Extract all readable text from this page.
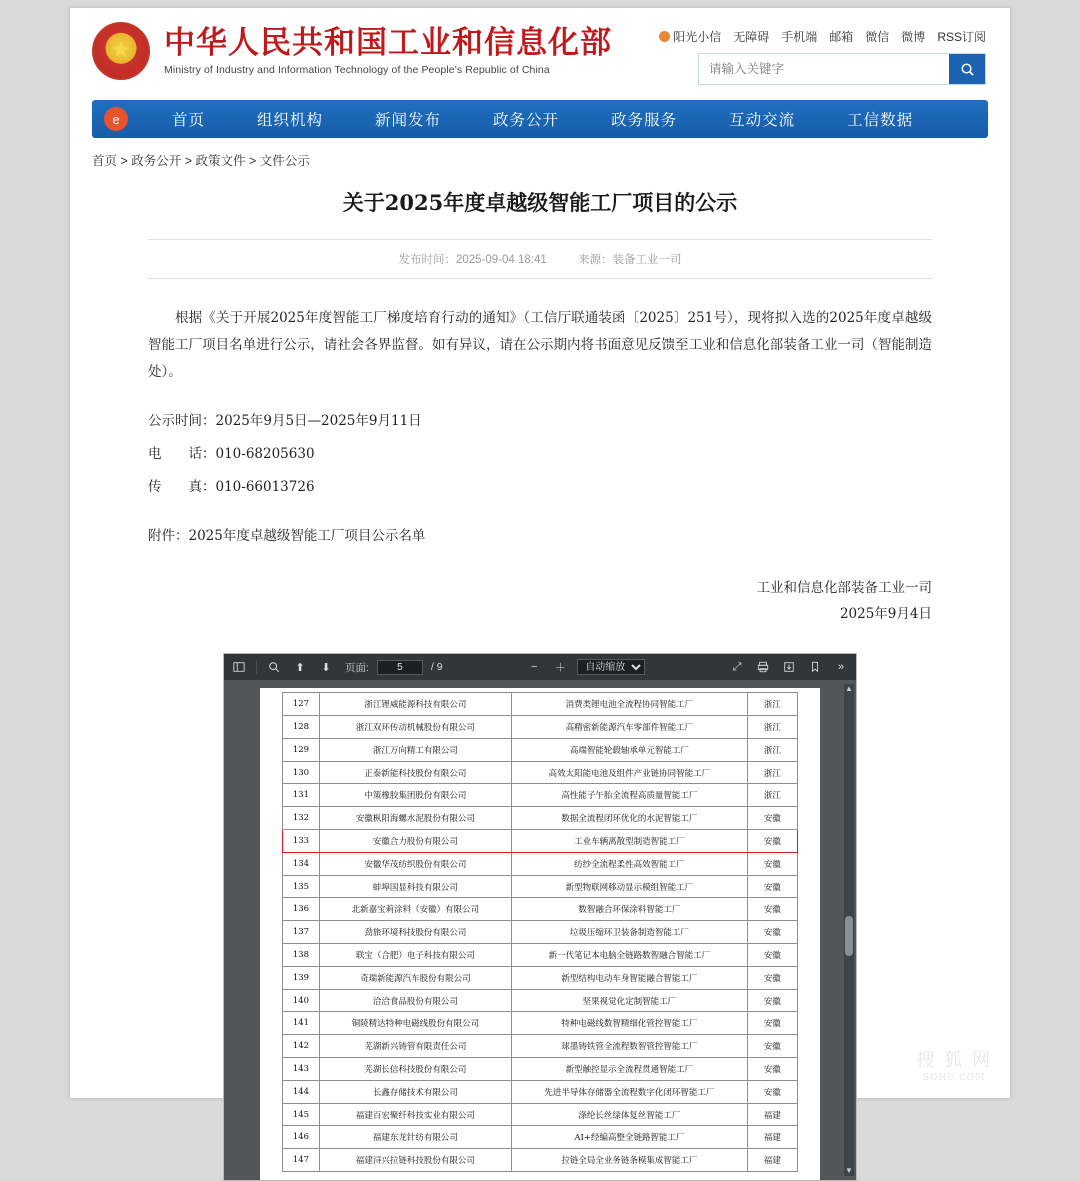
★
中华人民共和国工业和信息化部
Ministry of Industry and Information Technology of the People's Republic of China
阳光小信 无障碍 手机端 邮箱 微信 微博 RSS订阅
请输入关键字
e	首页	组织机构	新闻发布	政务公开	政务服务	互动交流	工信数据
首页 > 政务公开 > 政策文件 > 文件公示
关于2025年度卓越级智能工厂项目的公示
发布时间：2025-09-04 18:41	来源：装备工业一司

根据《关于开展2025年度智能工厂梯度培育行动的通知》（工信厅联通装函〔2025〕251号），现将拟入选的2025年度卓越级智能工厂项目名单进行公示，请社会各界监督。如有异议，请在公示期内将书面意见反馈至工业和信息化部装备工业一司（智能制造处）。

公示时间：2025年9月5日—2025年9月11日

电　　话：010-68205630

传　　真：010-66013726

附件：2025年度卓越级智能工厂项目公示名单

工业和信息化部装备工业一司
2025年9月4日
⬆	⬇	页面:
5	/ 9	−	＋
自动缩放	⤢	»
127	浙江锂威能源科技有限公司	消费类锂电池全流程协同智能工厂	浙江
128	浙江双环传动机械股份有限公司	高精密新能源汽车零部件智能工厂	浙江
129	浙江万向精工有限公司	高端智能轮毂轴承单元智能工厂	浙江
130	正泰新能科技股份有限公司	高效太阳能电池及组件产业链协同智能工厂	浙江
131	中策橡胶集团股份有限公司	高性能子午胎全流程高质量智能工厂	浙江
132	安徽枞阳海螺水泥股份有限公司	数据全流程闭环优化的水泥智能工厂	安徽
133	安徽合力股份有限公司	工业车辆离散型制造智能工厂	安徽
134	安徽华茂纺织股份有限公司	纺纱全流程柔性高效智能工厂	安徽
135	蚌埠国显科技有限公司	新型物联网移动显示模组智能工厂	安徽
136	北新嘉宝莉涂料（安徽）有限公司	数智融合环保涂料智能工厂	安徽
137	劲旅环境科技股份有限公司	垃圾压缩环卫装备制造智能工厂	安徽
138	联宝（合肥）电子科技有限公司	新一代笔记本电脑全链路数智融合智能工厂	安徽
139	奇瑞新能源汽车股份有限公司	新型结构电动车身智能融合智能工厂	安徽
140	洽洽食品股份有限公司	坚果视觉化定制智能工厂	安徽
141	铜陵精达特种电磁线股份有限公司	特种电磁线数智精细化管控智能工厂	安徽
142	芜湖新兴铸管有限责任公司	球墨铸铁管全流程数智管控智能工厂	安徽
143	芜湖长信科技股份有限公司	新型触控显示全流程贯通智能工厂	安徽
144	长鑫存储技术有限公司	先进半导体存储器全流程数字化闭环智能工厂	安徽
145	福建百宏聚纤科技实业有限公司	涤纶长丝绿体复丝智能工厂	福建
146	福建东龙针纺有限公司	AI+经编高整全链路智能工厂	福建
147	福建浔兴拉链科技股份有限公司	拉链全局全业务链条模集成智能工厂	福建
▲
▼
搜 狐 网
SOHU.COM
